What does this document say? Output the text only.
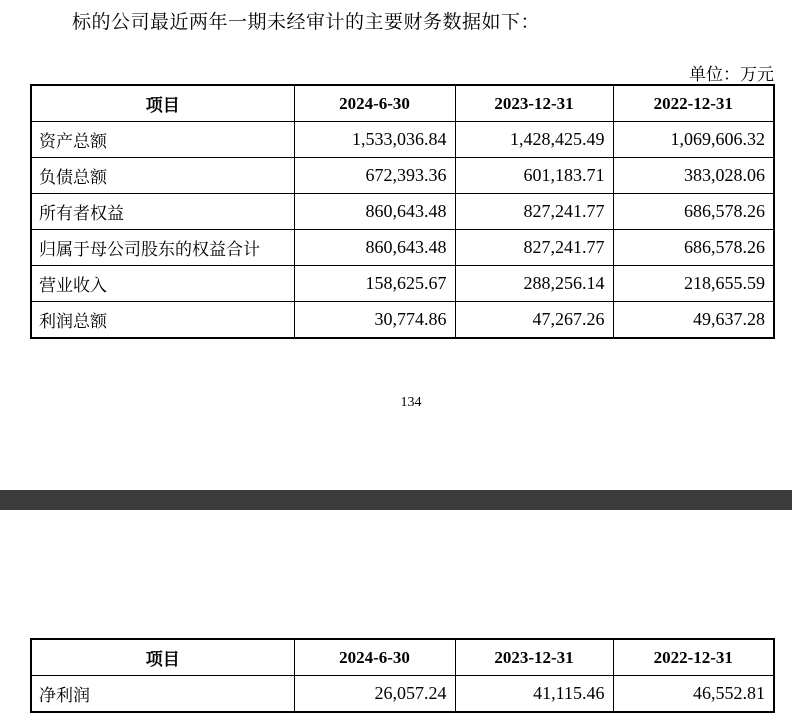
标的公司最近两年一期未经审计的主要财务数据如下：
单位：万元
项目	2024-6-30	2023-12-31	2022-12-31
资产总额	1,533,036.84	1,428,425.49	1,069,606.32
负债总额	672,393.36	601,183.71	383,028.06
所有者权益	860,643.48	827,241.77	686,578.26
归属于母公司股东的权益合计	860,643.48	827,241.77	686,578.26
营业收入	158,625.67	288,256.14	218,655.59
利润总额	30,774.86	47,267.26	49,637.28
134
项目	2024-6-30	2023-12-31	2022-12-31
净利润	26,057.24	41,115.46	46,552.81
